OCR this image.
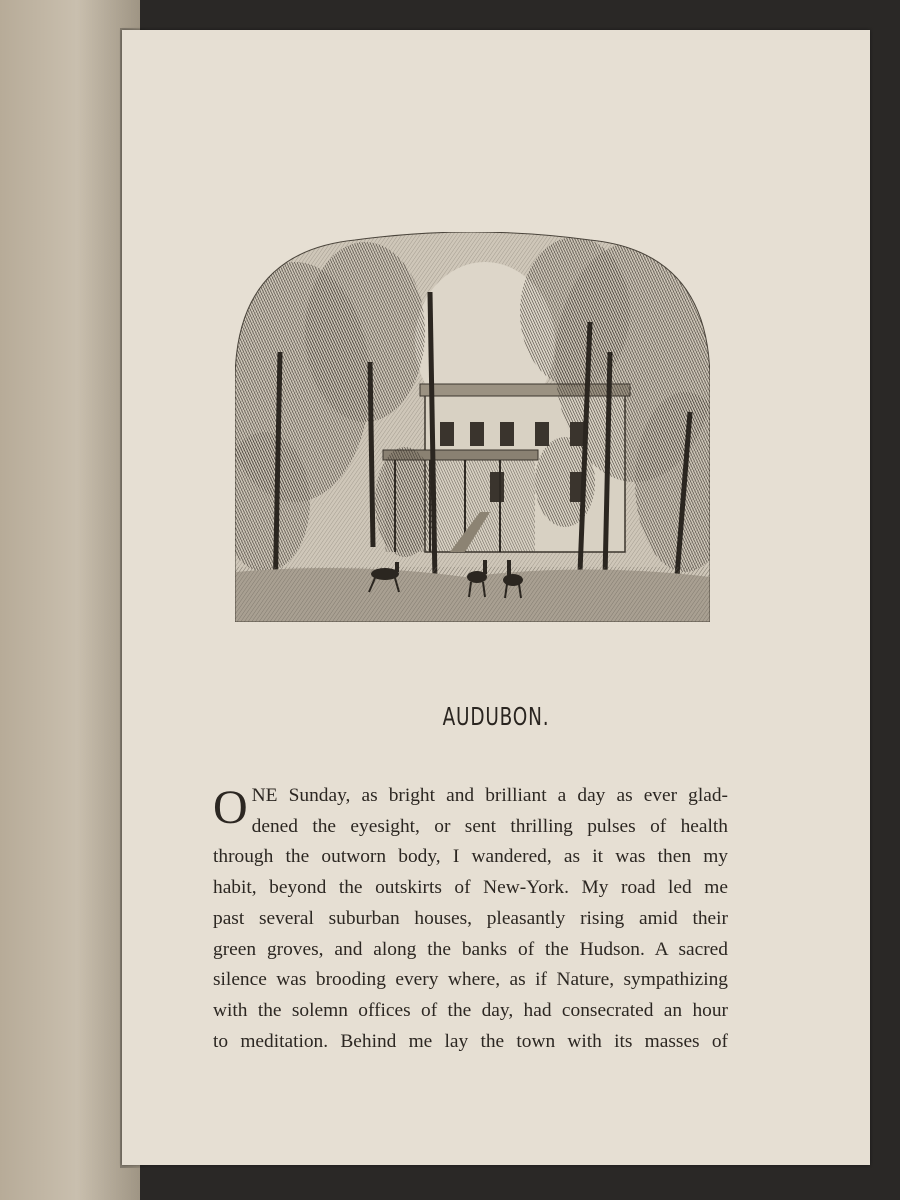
AUDUBON.
O NE Sunday, as bright and brilliant a day as ever glad-
dened the eyesight, or sent thrilling pulses of health
through the outworn body, I wandered, as it was then my
habit, beyond the outskirts of New-York. My road led me
past several suburban houses, pleasantly rising amid their
green groves, and along the banks of the Hudson. A sacred
silence was brooding every where, as if Nature, sympathizing
with the solemn offices of the day, had consecrated an hour
to meditation. Behind me lay the town with its masses of
